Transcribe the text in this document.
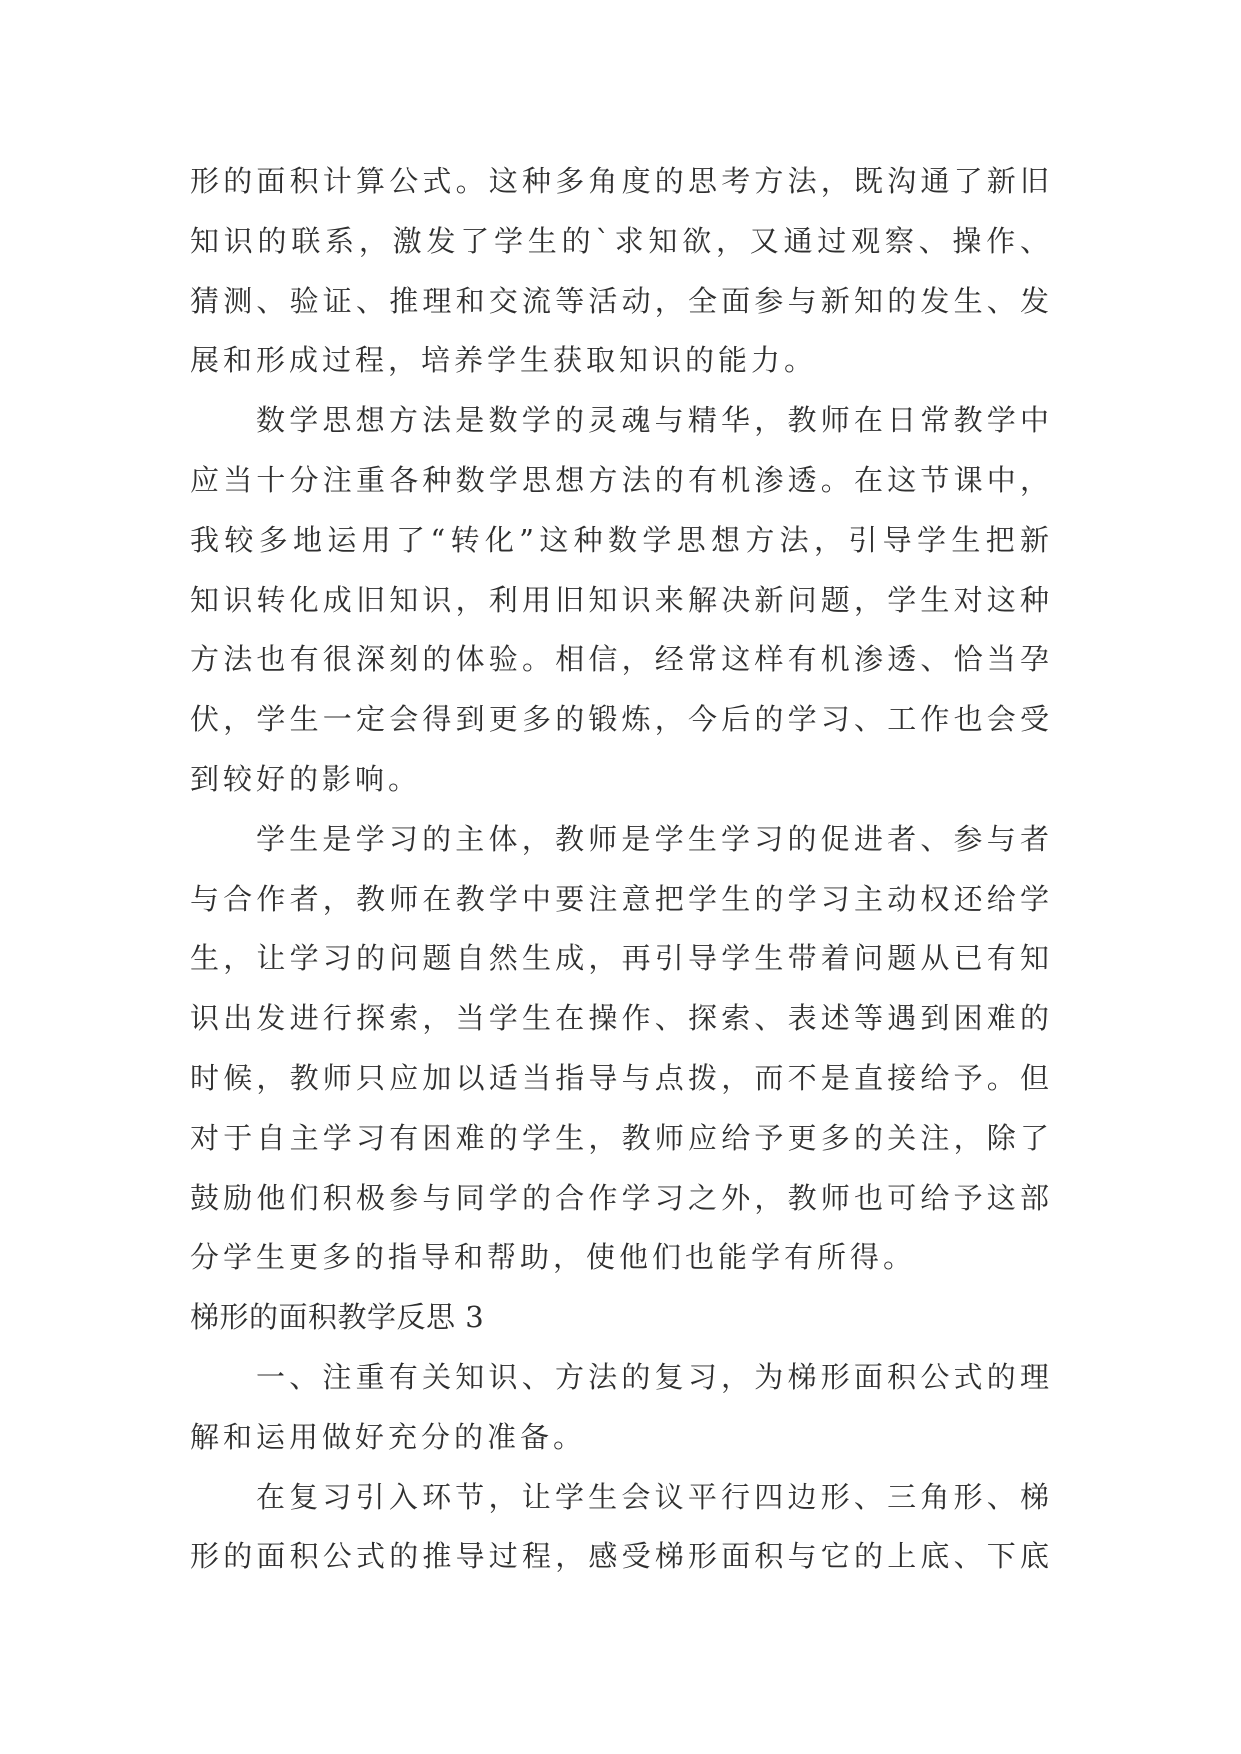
形的面积计算公式。这种多角度的思考方法，既沟通了新旧
知识的联系，激发了学生的`求知欲，又通过观察、操作、
猜测、验证、推理和交流等活动，全面参与新知的发生、发
展和形成过程，培养学生获取知识的能力。
数学思想方法是数学的灵魂与精华，教师在日常教学中
应当十分注重各种数学思想方法的有机渗透。在这节课中，
我较多地运用了“转化”这种数学思想方法，引导学生把新
知识转化成旧知识，利用旧知识来解决新问题，学生对这种
方法也有很深刻的体验。相信，经常这样有机渗透、恰当孕
伏，学生一定会得到更多的锻炼，今后的学习、工作也会受
到较好的影响。
学生是学习的主体，教师是学生学习的促进者、参与者
与合作者，教师在教学中要注意把学生的学习主动权还给学
生，让学习的问题自然生成，再引导学生带着问题从已有知
识出发进行探索，当学生在操作、探索、表述等遇到困难的
时候，教师只应加以适当指导与点拨，而不是直接给予。但
对于自主学习有困难的学生，教师应给予更多的关注，除了
鼓励他们积极参与同学的合作学习之外，教师也可给予这部
分学生更多的指导和帮助，使他们也能学有所得。
梯形的面积教学反思 3
一、注重有关知识、方法的复习，为梯形面积公式的理
解和运用做好充分的准备。
在复习引入环节，让学生会议平行四边形、三角形、梯
形的面积公式的推导过程，感受梯形面积与它的上底、下底
